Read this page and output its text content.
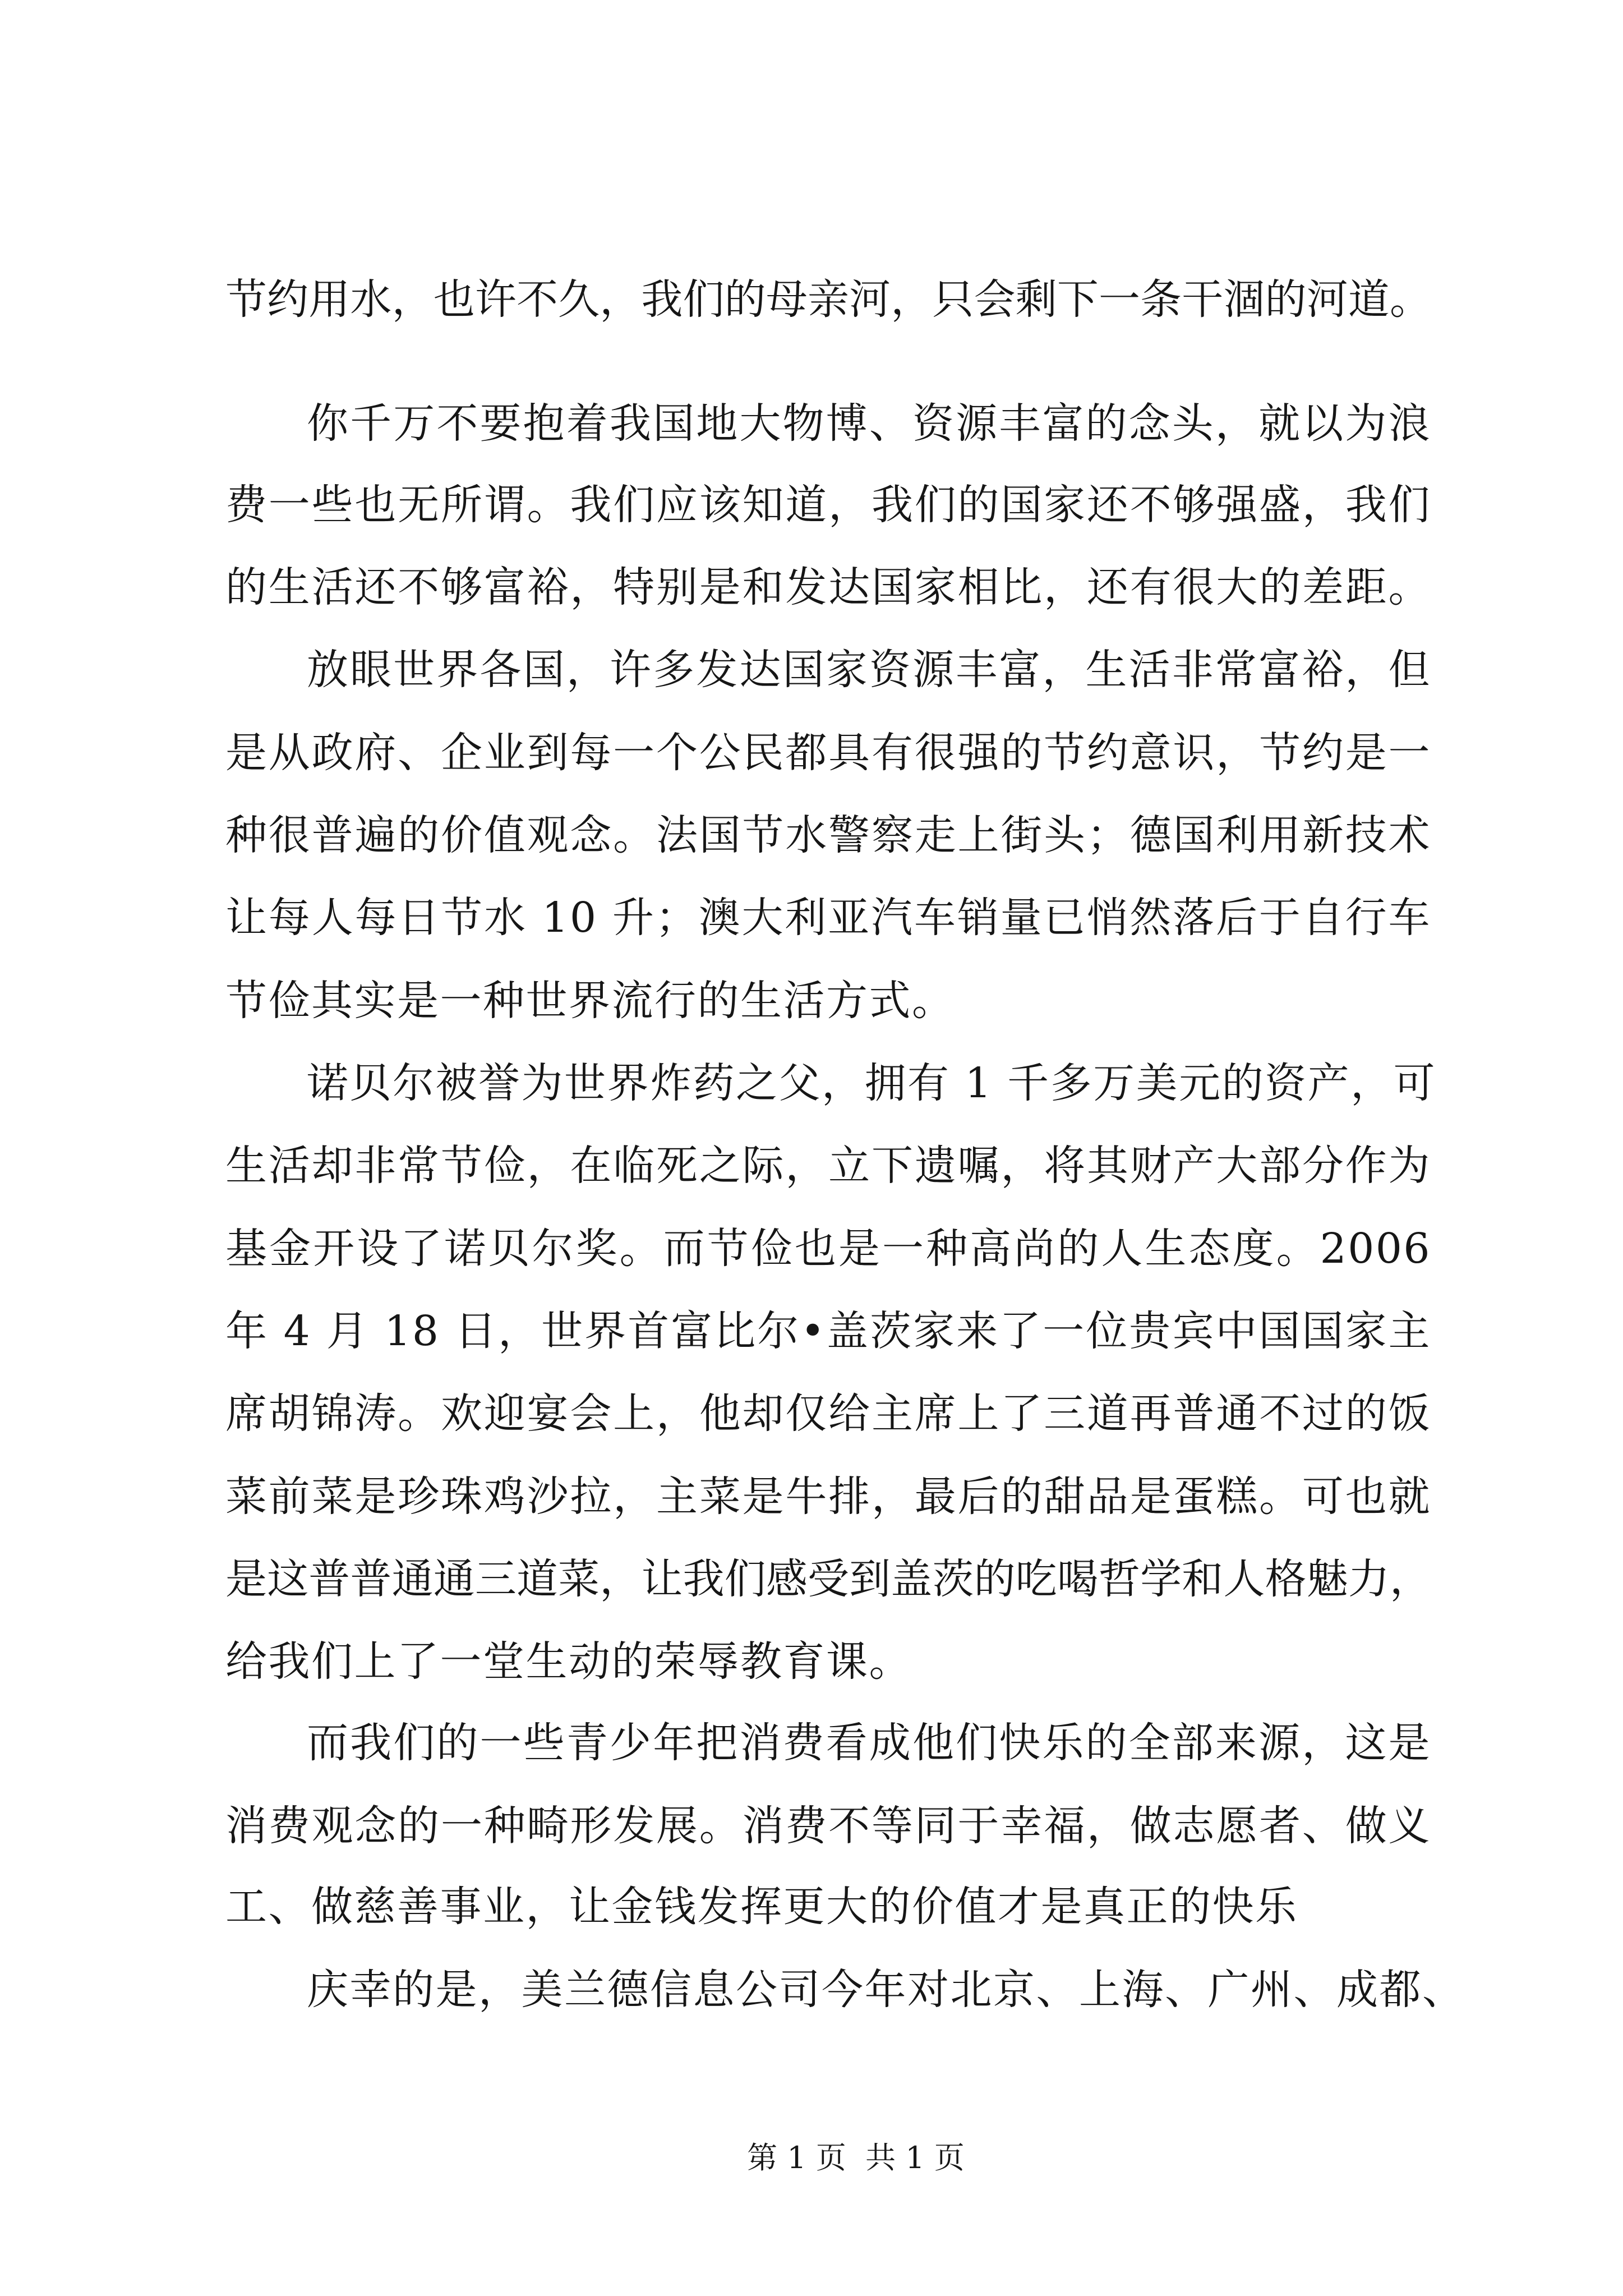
节约用水，也许不久，我们的母亲河，只会剩下一条干涸的河道。
你千万不要抱着我国地大物博、资源丰富的念头，就以为浪
费一些也无所谓。我们应该知道，我们的国家还不够强盛，我们
的生活还不够富裕，特别是和发达国家相比，还有很大的差距。
放眼世界各国，许多发达国家资源丰富，生活非常富裕，但
是从政府、企业到每一个公民都具有很强的节约意识，节约是一
种很普遍的价值观念。法国节水警察走上街头；德国利用新技术
让每人每日节水 10 升；澳大利亚汽车销量已悄然落后于自行车
节俭其实是一种世界流行的生活方式。
诺贝尔被誉为世界炸药之父，拥有 1 千多万美元的资产，可
生活却非常节俭，在临死之际，立下遗嘱，将其财产大部分作为
基金开设了诺贝尔奖。而节俭也是一种高尚的人生态度。2006
年 4 月 18 日，世界首富比尔•盖茨家来了一位贵宾中国国家主
席胡锦涛。欢迎宴会上，他却仅给主席上了三道再普通不过的饭
菜前菜是珍珠鸡沙拉，主菜是牛排，最后的甜品是蛋糕。可也就
是这普普通通三道菜，让我们感受到盖茨的吃喝哲学和人格魅力，
给我们上了一堂生动的荣辱教育课。
而我们的一些青少年把消费看成他们快乐的全部来源，这是
消费观念的一种畸形发展。消费不等同于幸福，做志愿者、做义
工、做慈善事业，让金钱发挥更大的价值才是真正的快乐
庆幸的是，美兰德信息公司今年对北京、上海、广州、成都、
第 1 页  共 1 页
